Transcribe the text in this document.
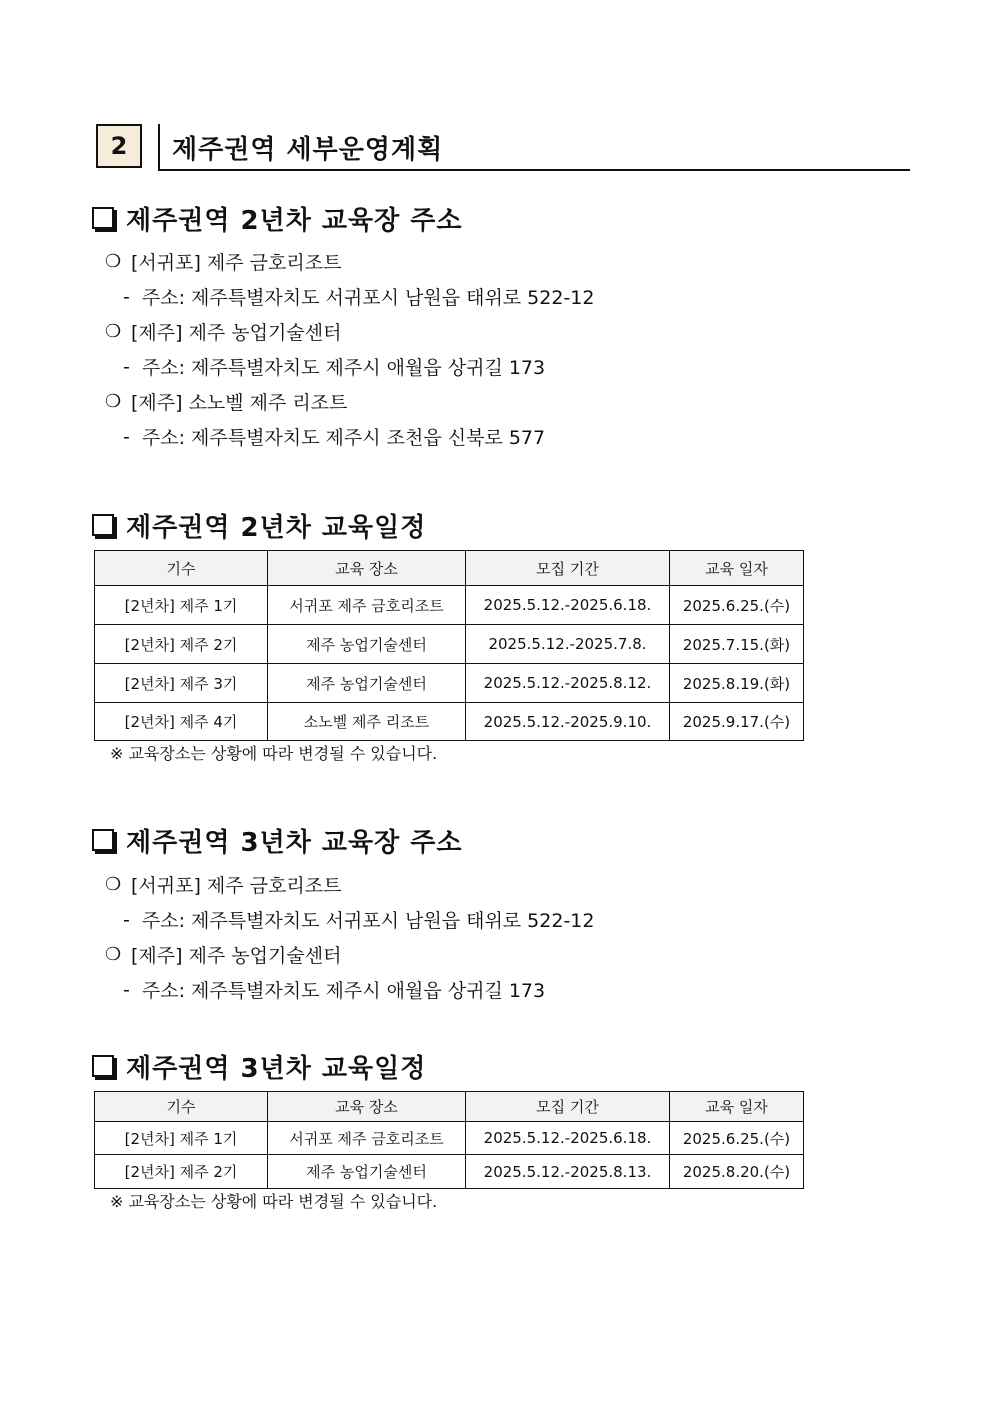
2	제주권역 세부운영계획
제주권역 2년차 교육장 주소
❍ [서귀포] 제주 금호리조트
- 주소: 제주특별자치도 서귀포시 남원읍 태위로 522-12
❍ [제주] 제주 농업기술센터
- 주소: 제주특별자치도 제주시 애월읍 상귀길 173
❍ [제주] 소노벨 제주 리조트
- 주소: 제주특별자치도 제주시 조천읍 신북로 577
제주권역 2년차 교육일정
기수	교육 장소	모집 기간	교육 일자
[2년차] 제주 1기	서귀포 제주 금호리조트	2025.5.12.-2025.6.18.	2025.6.25.(수)
[2년차] 제주 2기	제주 농업기술센터	2025.5.12.-2025.7.8.	2025.7.15.(화)
[2년차] 제주 3기	제주 농업기술센터	2025.5.12.-2025.8.12.	2025.8.19.(화)
[2년차] 제주 4기	소노벨 제주 리조트	2025.5.12.-2025.9.10.	2025.9.17.(수)
※ 교육장소는 상황에 따라 변경될 수 있습니다.
제주권역 3년차 교육장 주소
❍ [서귀포] 제주 금호리조트
- 주소: 제주특별자치도 서귀포시 남원읍 태위로 522-12
❍ [제주] 제주 농업기술센터
- 주소: 제주특별자치도 제주시 애월읍 상귀길 173
제주권역 3년차 교육일정
기수	교육 장소	모집 기간	교육 일자
[2년차] 제주 1기	서귀포 제주 금호리조트	2025.5.12.-2025.6.18.	2025.6.25.(수)
[2년차] 제주 2기	제주 농업기술센터	2025.5.12.-2025.8.13.	2025.8.20.(수)
※ 교육장소는 상황에 따라 변경될 수 있습니다.
